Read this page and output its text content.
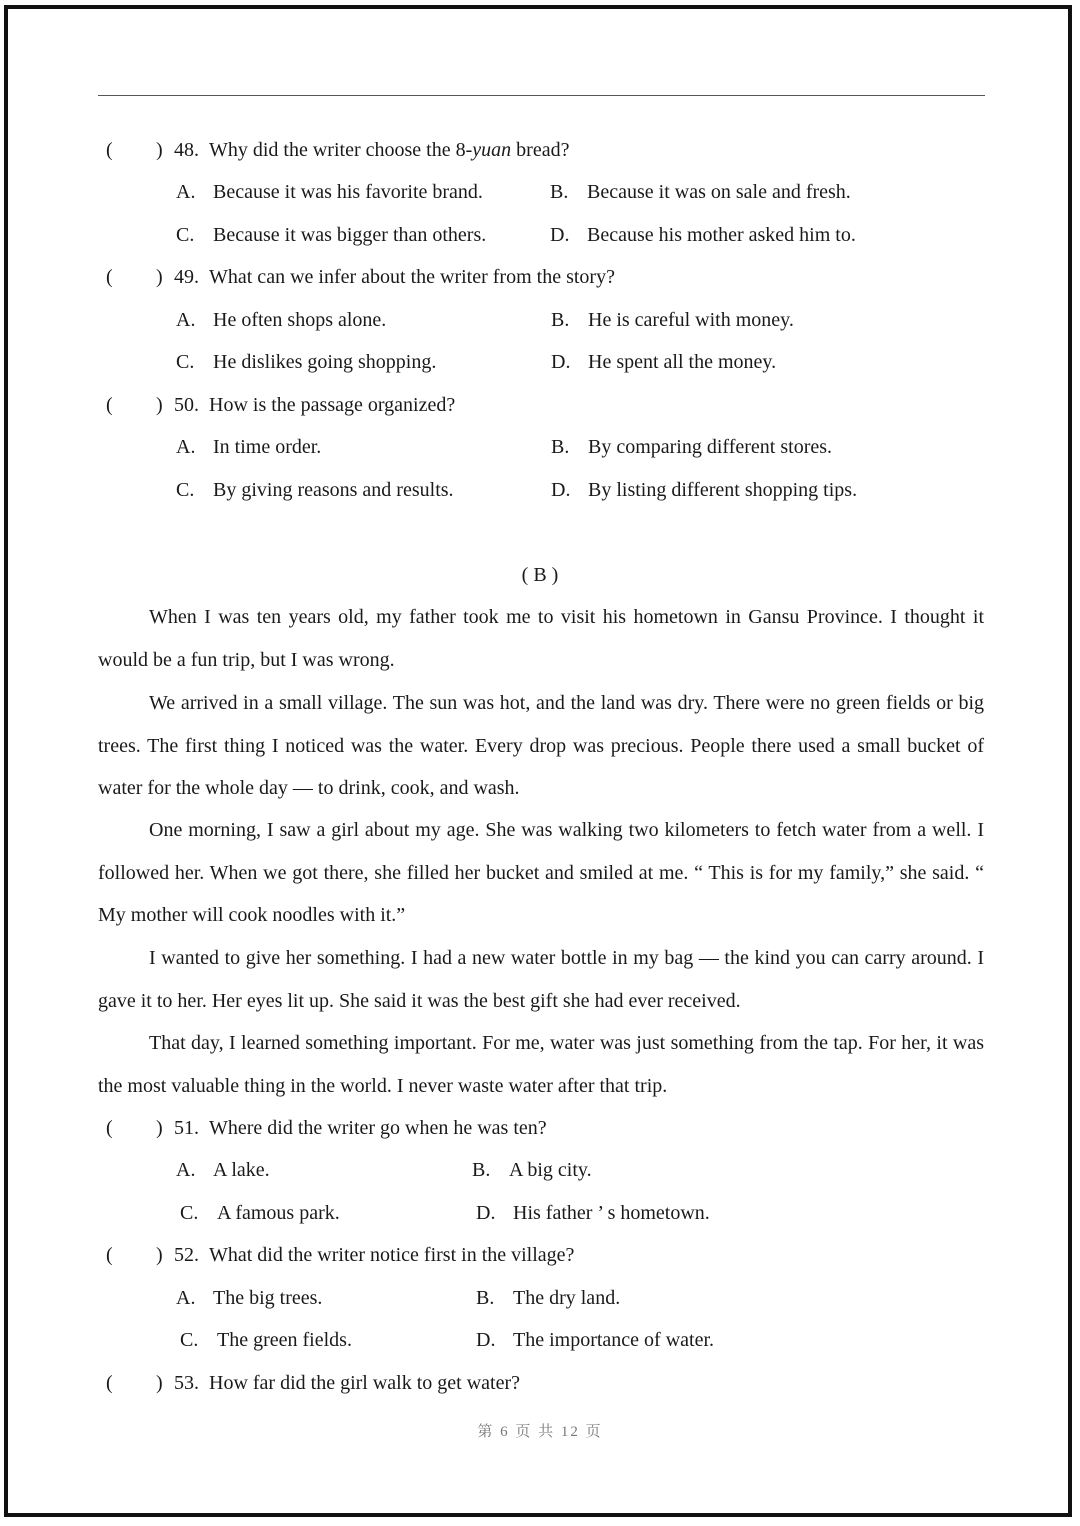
( ) 48.  Why did the writer choose the 8-yuan bread?
A. Because it was his favorite brand.	B. Because it was on sale and fresh.
C. Because it was bigger than others.	D. Because his mother asked him to.
( ) 49.  What can we infer about the writer from the story?
A. He often shops alone.	B. He is careful with money.
C. He dislikes going shopping.	D. He spent all the money.
( ) 50.  How is the passage organized?
A. In time order.	B. By comparing different stores.
C. By giving reasons and results.	D. By listing different shopping tips.
( B )
When I was ten years old, my father took me to visit his hometown in Gansu Province. I thought it would be a fun trip, but I was wrong.
We arrived in a small village. The sun was hot, and the land was dry. There were no green fields or big trees. The first thing I noticed was the water. Every drop was precious. People there used a small bucket of water for the whole day — to drink, cook, and wash.
One morning, I saw a girl about my age. She was walking two kilometers to fetch water from a well. I followed her. When we got there, she filled her bucket and smiled at me. “ This is for my family,” she said. “ My mother will cook noodles with it.”
I wanted to give her something. I had a new water bottle in my bag — the kind you can carry around. I gave it to her. Her eyes lit up. She said it was the best gift she had ever received.
That day, I learned something important. For me, water was just something from the tap. For her, it was the most valuable thing in the world. I never waste water after that trip.
( ) 51.  Where did the writer go when he was ten?
A. A lake.	B. A big city.
C. A famous park.	D. His father ’ s hometown.
( ) 52.  What did the writer notice first in the village?
A. The big trees.	B. The dry land.
C. The green fields.	D. The importance of water.
( ) 53.  How far did the girl walk to get water?
第 6 页 共 12 页
